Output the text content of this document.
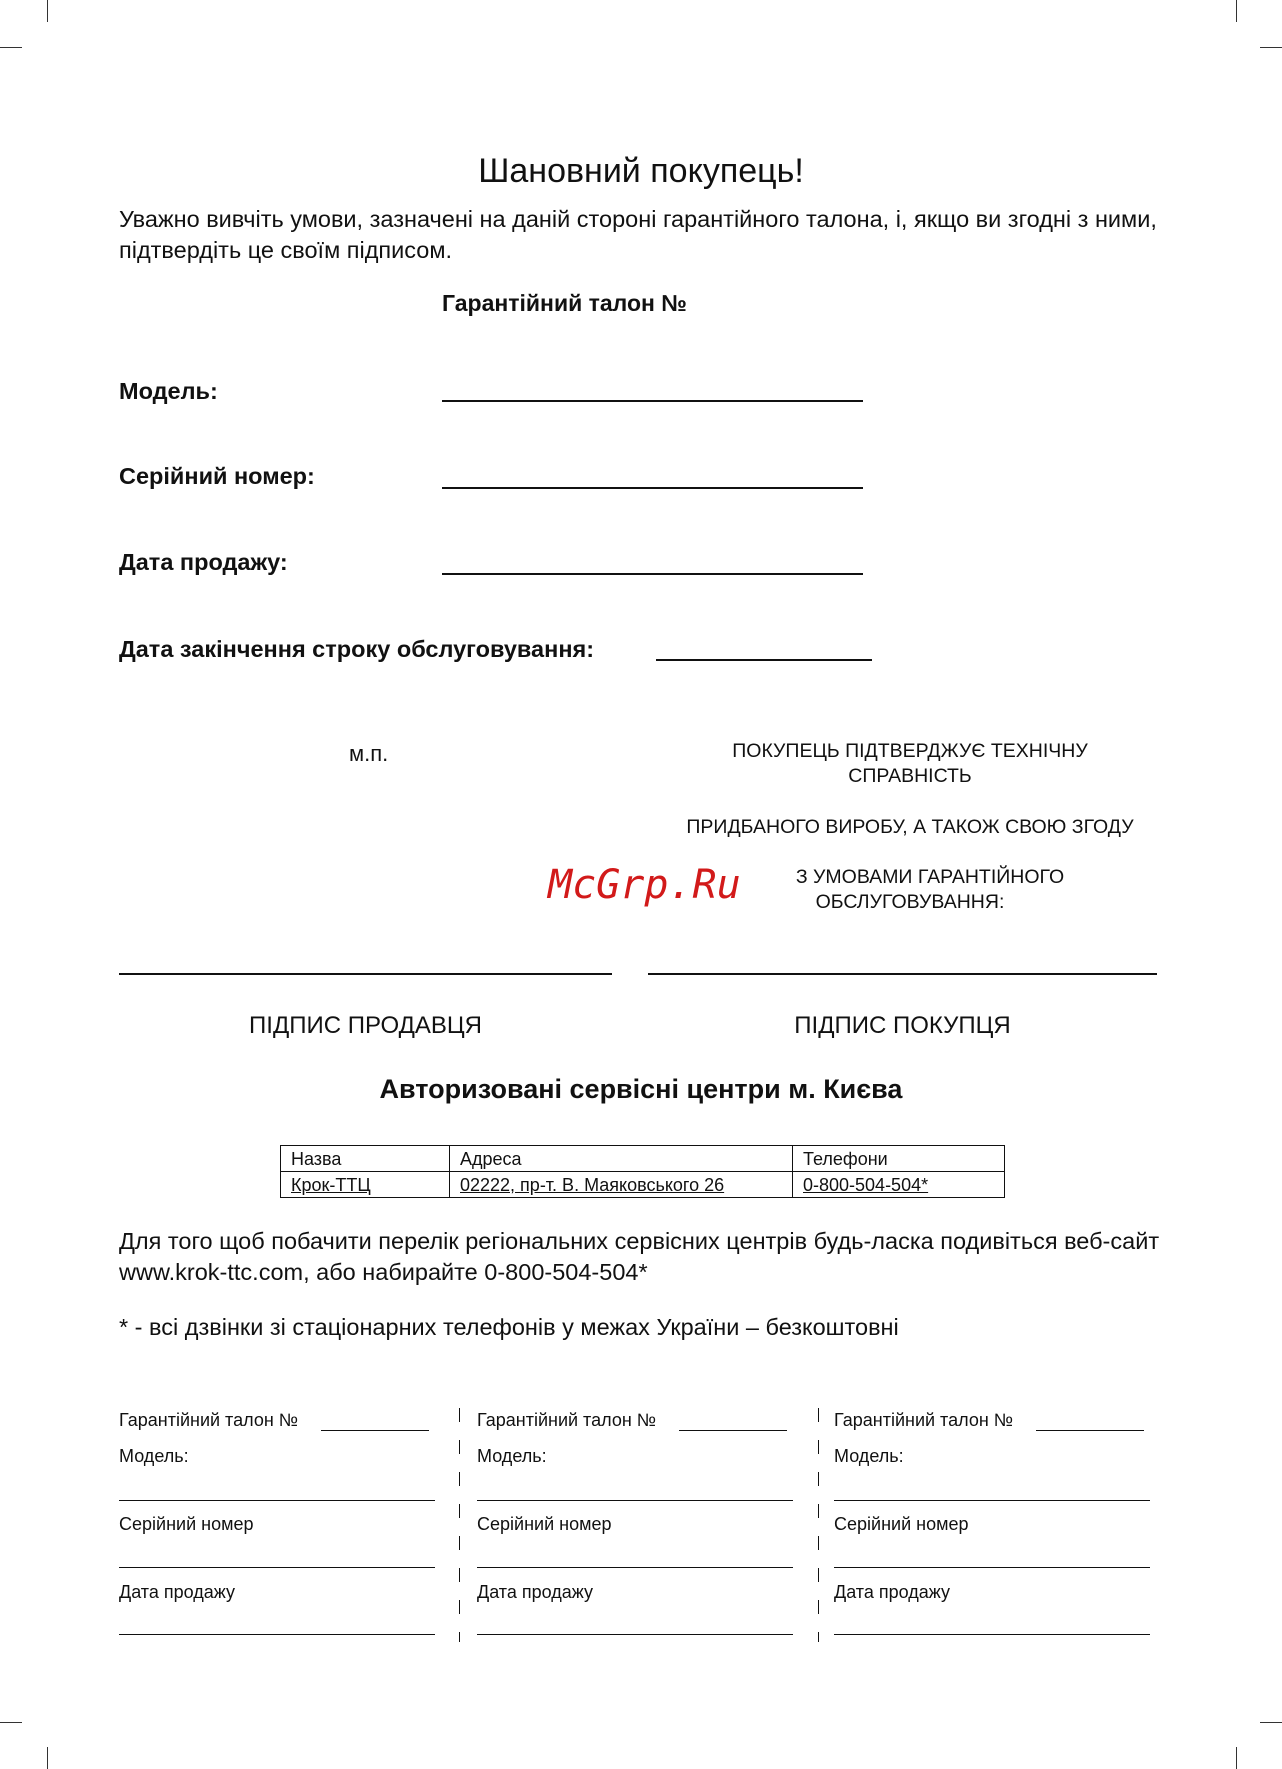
Шановний покупець!
Уважно вивчіть умови, зазначені на даній стороні гарантійного талона, і, якщо ви згодні з ними, підтвердіть це своїм підписом.
Гарантійний талон №
Модель:
Серійний номер:
Дата продажу:
Дата закінчення строку обслуговування:
м.п.	ПОКУПЕЦЬ ПІДТВЕРДЖУЄ ТЕХНІЧНУ
СПРАВНІСТЬ
ПРИДБАНОГО ВИРОБУ, А ТАКОЖ СВОЮ ЗГОДУ
З УМОВАМИ ГАРАНТІЙНОГО
ОБСЛУГОВУВАННЯ:
McGrp.Ru
ПІДПИС ПРОДАВЦЯ	ПІДПИС ПОКУПЦЯ
Авторизовані сервісні центри м. Києва
Назва	Адреса	Телефони
Крок-ТТЦ	02222, пр-т. В. Маяковського 26	0-800-504-504*
Для того щоб побачити перелік регіональних сервісних центрів будь-ласка подивіться веб-сайт www.krok-ttc.com, або набирайте 0-800-504-504*
* - всі дзвінки зі стаціонарних телефонів у межах України – безкоштовні
Гарантійний талон №
Модель:
Серійний номер
Дата продажу
Гарантійний талон №
Модель:
Серійний номер
Дата продажу
Гарантійний талон №
Модель:
Серійний номер
Дата продажу
